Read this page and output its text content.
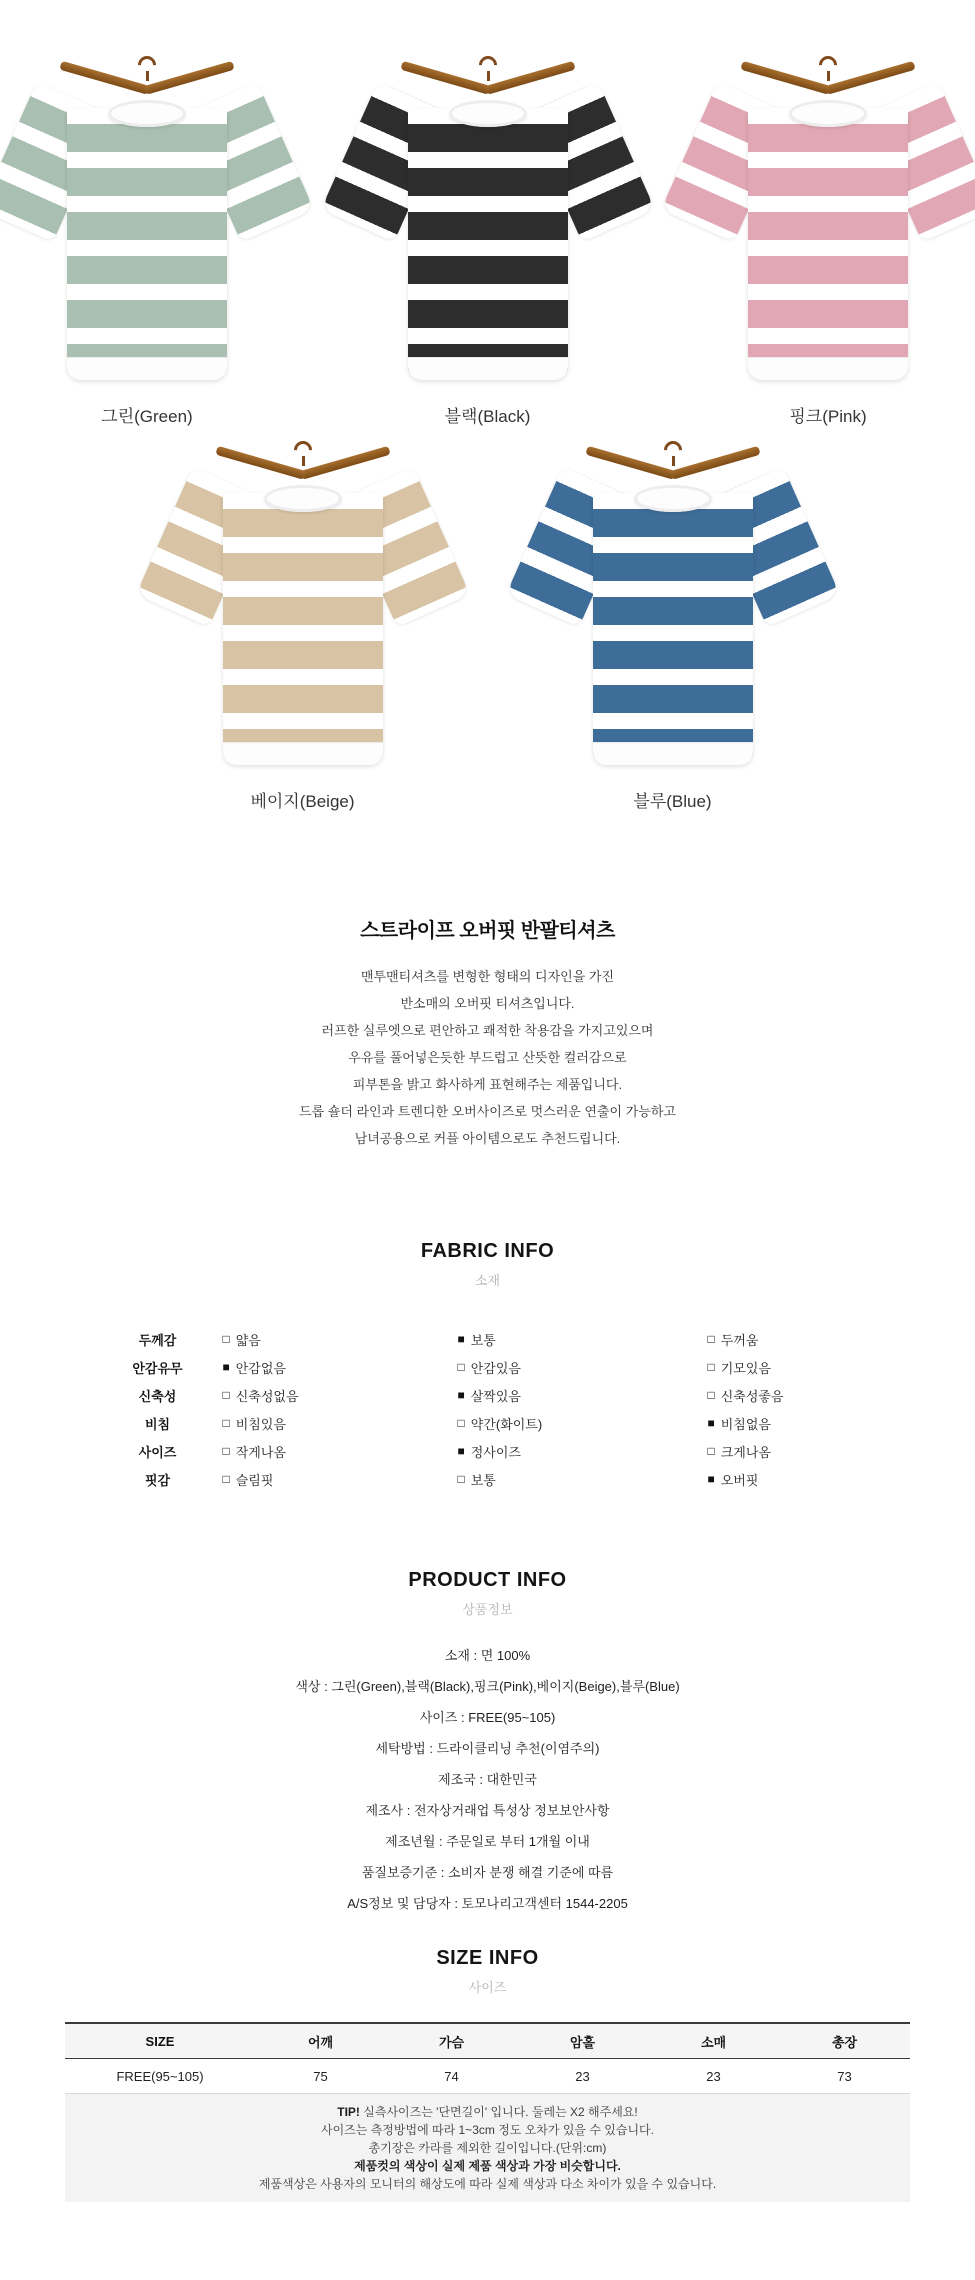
그린(Green)	블랙(Black)	핑크(Pink)
베이지(Beige)	블루(Blue)
스트라이프 오버핏 반팔티셔츠
맨투맨티셔츠를 변형한 형태의 디자인을 가진
반소매의 오버핏 티셔츠입니다.
러프한 실루엣으로 편안하고 쾌적한 착용감을 가지고있으며
우유를 풀어넣은듯한 부드럽고 산뜻한 컬러감으로
피부톤을 밝고 화사하게 표현해주는 제품입니다.
드롭 숄더 라인과 트렌디한 오버사이즈로 멋스러운 연출이 가능하고
남녀공용으로 커플 아이템으로도 추천드립니다.
FABRIC INFO
소재
두께감	□ 얇음	■ 보통	□ 두꺼움
안감유무	■ 안감없음	□ 안감있음	□ 기모있음
신축성	□ 신축성없음	■ 살짝있음	□ 신축성좋음
비침	□ 비침있음	□ 약간(화이트)	■ 비침없음
사이즈	□ 작게나옴	■ 정사이즈	□ 크게나옴
핏감	□ 슬림핏	□ 보통	■ 오버핏
PRODUCT INFO
상품정보
소재 : 면 100%
색상 : 그린(Green),블랙(Black),핑크(Pink),베이지(Beige),블루(Blue)
사이즈 : FREE(95~105)
세탁방법 : 드라이클리닝 추천(이염주의)
제조국 : 대한민국
제조사 : 전자상거래업 특성상 정보보안사항
제조년월 : 주문일로 부터 1개월 이내
품질보증기준 : 소비자 분쟁 해결 기준에 따름
A/S정보 및 담당자 : 토모나리고객센터 1544-2205
SIZE INFO
사이즈
SIZE	어깨	가슴	암홀	소매	총장
FREE(95~105)	75	74	23	23	73
TIP! 실측사이즈는 '단면길이' 입니다. 둘레는 X2 해주세요!
사이즈는 측정방법에 따라 1~3cm 정도 오차가 있을 수 있습니다.
총기장은 카라를 제외한 길이입니다.(단위:cm)
제품컷의 색상이 실제 제품 색상과 가장 비슷합니다.
제품색상은 사용자의 모니터의 해상도에 따라 실제 색상과 다소 차이가 있을 수 있습니다.
